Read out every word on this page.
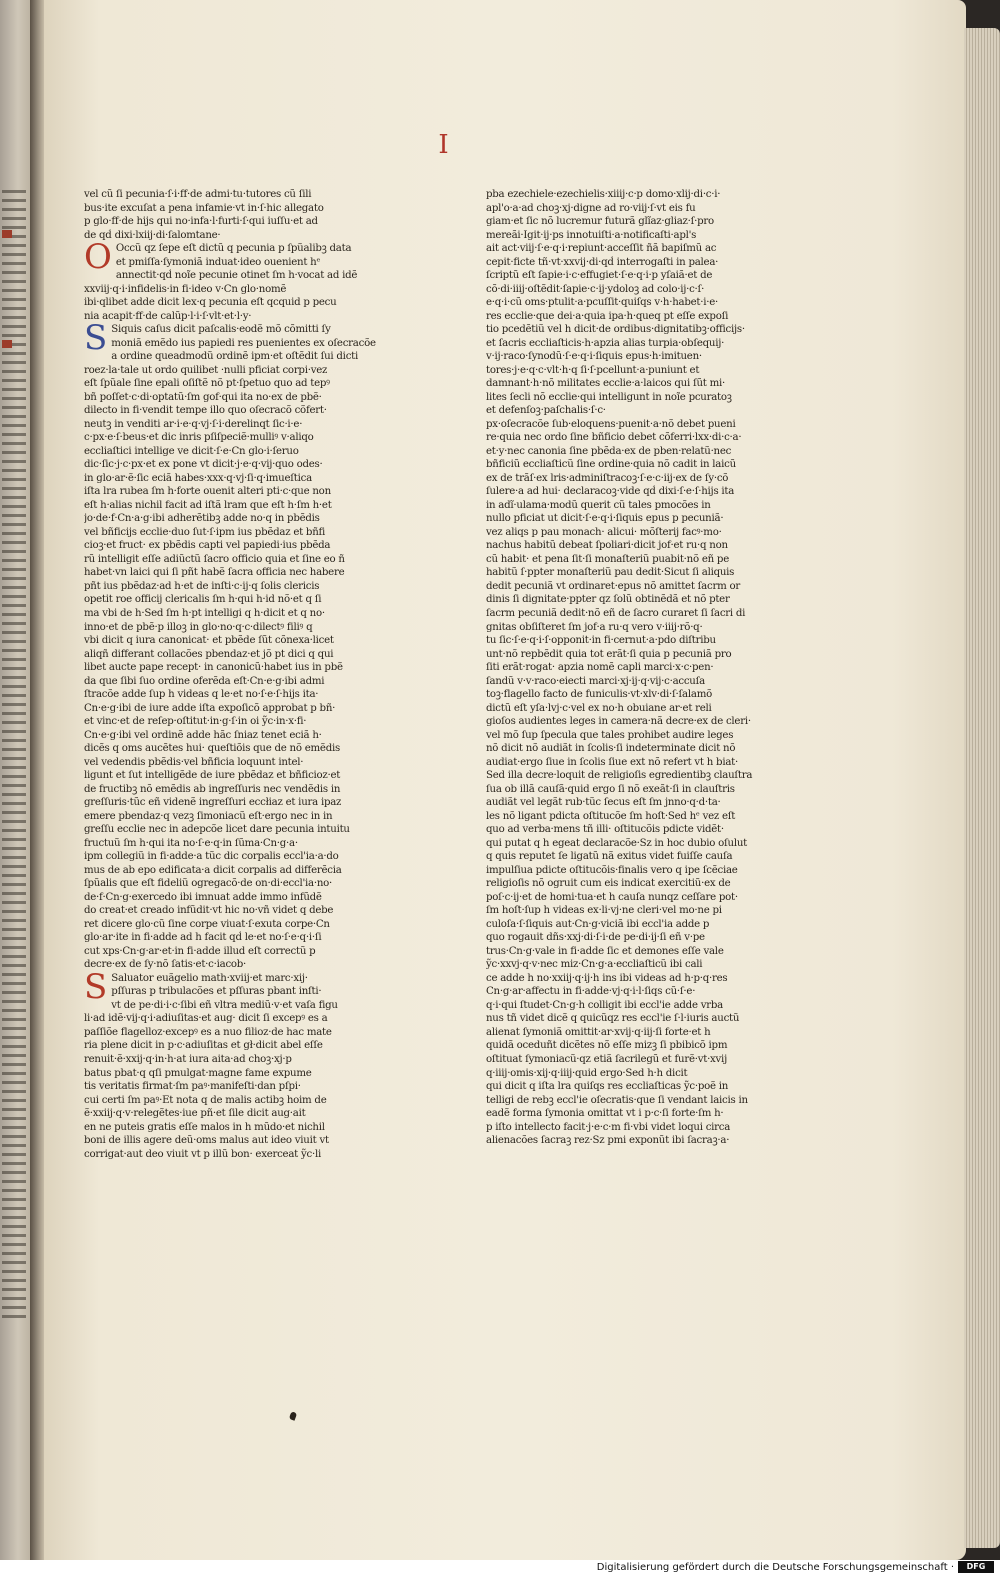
I
vel cũ ſi pecunia·ſ·i·ff·de admi·tu·tutores cũ ſili
bus·ite excuſat a pena infamie·vt in·ſ·hic allegato
p glo·ff·de hijs qui no·infa·l·furti·ſ·qui iuſſu·et ad
de qḋ dixi·lxiij·di·ſalomtane·
O Occũ qz ſepe eſt dictũ q pecunia p ſpũalibꝫ data
et pmiſſa·ſymoniã induat·ideo ouenient hᵉ
annectit·qḋ noĩe pecunie otinet ſm h·vocat ad idẽ
xxviij·q·i·infidelis·in fi·ideo v·Cn glo·nomẽ
ibi·qlibet adde dicit lex·q pecunia eſt qcquid p pecu
nia acapit·ff·de calũp·l·i·ſ·vlt·et·l·y·
S Siquis caſus dicit paſcalis·eodẽ mõ cõmitti ſy
moniã emẽdo ius papiedi res puenientes ex oſecracõe
a ordine queadmodũ ordinẽ ipm·et oſtẽdit ſui dicti
roez·la·tale ut ordo quilibet ·nulli pficiat corpi·vez
eſt ſpũale ſine epali oſiſtẽ nõ pt·ſpetuo quo ad tepꝰ
bñ poſſet·c·di·optatũ·ſm gof·qui ita no·ex de pbẽ·
dilecto in fi·vendit tempe illo quo oſecracõ cõfert·
neutꝫ in venditi ar·i·e·q·vj·ſ·i·derelinqt ſic·i·e·
c·px·e·ſ·beus·et dic inris pſiſpeciẽ·mulliꝰ v·aliqo
eccliaſtici intellige ve dicit·ſ·e·Cn glo·i·ſeruo
dic·ſic·j·c·px·et ex pone vt dicit·j·e·q·vij·quo odes·
in glo·ar·ẽ·ſic eciã habes·xxx·q·vj·ſi·q·imueſtica
iſta lra rubea ſm h·forte ouenit alteri pti·c·que non
eſt h·alias nichil facit ad iſtã lram que eſt h·ſm h·et
jo·de·f·Cn·a·g·ibi adherẽtibꝫ adde no·q in pbẽdis
vel bñficijs ecclie·duo ſut·ſ·ipm ius pbẽdaz et bñfi
cioꝫ·et fruct· ex pbẽdis capti vel papiedi·ius pbẽda
rũ intelligit eſſe adiũctũ ſacro officio quia et ſine eo ñ
habet·vn laici qui ſi pñt habẽ ſacra officia nec habere
pñt ius pbẽdaz·ad h·et de inſti·c·ij·q ſolis clericis
opetit roe officij clericalis ſm h·qui h·id nõ·et q ſi
ma vbi de h·Sed ſm h·pt intelligi q h·dicit et q no·
inno·et de pbẽ·p illoꝫ in glo·no·q·c·dilectꝰ filiꝰ q
vbi dicit q iura canonicat· et pbẽde ſũt cõnexa·licet
aliqñ differant collacões pbendaz·et jõ pt dici q qui
libet aucte pape recept· in canonicũ·habet ius in pbẽ
da que ſibi ſuo ordine oferẽda eſt·Cn·e·g·ibi admi
ſtracõe adde ſup h videas q le·et no·ſ·e·ſ·hijs ita·
Cn·e·g·ibi de iure adde iſta expoſicõ approbat p bñ·
et vinc·et de reſep·oſtitut·in·g·ſ·in oi ỹc·in·x·fi·
Cn·e·g·ibi vel ordinẽ adde hãc ſniaz tenet eciã h·
dicẽs q oms aucẽtes hui· queſtiõis que de nõ emẽdis
vel vedendis pbẽdis·vel bñficia loquunt intel·
ligunt et ſut intelligẽde de iure pbẽdaz et bñficioz·et
de fructibꝫ nõ emẽdis ab ingreſſuris nec vendẽdis in
greſſuris·tũc eñ videnẽ ingreſſuri eccłiaz et iura ipaz
emere pbendaz·q vezꝫ ſimoniacũ eſt·ergo nec in in
greſſu ecclie nec in adepcõe licet dare pecunia intuitu
fructuũ ſm h·qui ita no·ſ·e·q·in ſũma·Cn·g·a·
ipm collegiũ in fi·adde·a tũc dic corpalis eccl'ia·a·do
mus de ab epo edificata·a dicit corpalis ad differẽcia
ſpũalis que eſt fideliũ ogregacõ·de on·di·eccl'ia·no·
de·f·Cn·g·exercedo ibi imnuat adde immo infũdẽ
do creat·et creado infũdit·vt hic no·vñ videt q debe
ret dicere glo·cũ ſine corpe viuat·ſ·exuta corpe·Cn
glo·ar·ite in fi·adde ad h facit qḋ le·et no·ſ·e·q·i·ſi
cut xps·Cn·g·ar·et·in fi·adde illud eſt correctũ p
decre·ex de ſy·nõ ſatis·et·c·iacob·
S Saluator euãgelio math·xviij·et marc·xij·
pſſuras p tribulacões et pſſuras pbant inſti·
vt de pe·di·i·c·ſibi eñ vltra mediũ·v·et vaſa figu
li·ad idẽ·vij·q·i·adiuſitas·et aug· dicit ſi excepꝰ es a
paſſiõe flagelloz·excepꝰ es a nuo filioz·de hac mate
ria plene dicit in p·c·adiuſitas et gł·dicit abel eſſe
renuit·ẽ·xxij·q·in·h·at iura aita·ad choꝫ·xj·p
batus pbat·q qſi pmulgat·magne fame expume
tis veritatis firmat·ſm paꝰ·manifeſti·dan pſpi·
cui certi ſm paꝰ·Et nota q de malis actibꝫ hoim de
ẽ·xxiij·q·v·relegẽtes·iue pñ·et ſile dicit aug·ait
en ne puteis gratis eſſe malos in h mũdo·et nichil
boni de illis agere deũ·oms malus aut ideo viuit vt
corrigat·aut deo viuit vt p illũ bon· exerceat ỹc·li
pba ezechiele·ezechielis·xiiij·c·p domo·xlij·di·c·i·
apl'o·a·ad choꝫ·xj·digne ad ro·viij·ſ·vt eis fu
giam·et ſic nõ lucremur futurã glĩaz·gliaz·ſ·pro
mereãi·Igit·ij·ps innotuiſti·a·notificaſti·apl's
ait act·viij·ſ·e·q·i·repiunt·acceſſit ñã bapiſmũ ac
cepit·ficte tñ·vt·xxvij·di·qḋ interrogaſti in palea·
ſcriptũ eſt ſapie·i·c·effugiet·ſ·e·q·i·p yſaiã·et de
cõ·di·iiij·oſtẽdit·ſapie·c·ij·ydoloꝫ ad colo·ij·c·ſ·
e·q·i·cũ oms·ptulit·a·pcuſſit·quiſqs v·h·habet·i·e·
res ecclie·que dei·a·quia ipa·h·queq pt eſſe expoſi
tio pcedẽtiũ vel h dicit·de ordibus·dignitatibꝫ·officijs·
et ſacris eccliaſticis·h·apzia alias turpia·obſequij·
v·ij·raco·ſynodũ·ſ·e·q·i·ſiquis epus·h·imituen·
tores·j·e·q·c·vlt·h·q ſi·ſ·pcellunt·a·puniunt et
damnant·h·nõ militates ecclie·a·laicos qui ſũt mi·
lites ſecli nõ ecclie·qui intelligunt in noĩe pcuratoꝫ
et defenſoꝫ·paſchalis·ſ·c·
px·oſecracõe ſub·eloquens·puenit·a·nõ debet pueni
re·quia nec ordo ſine bñficio debet cõferri·lxx·di·c·a·
et·y·nec canonia ſine pbẽda·ex de pben·relatũ·nec
bñficiũ eccliaſticũ ſine ordine·quia nõ cadit in laicũ
ex de trãſ·ex lris·adminiſtracoꝫ·ſ·e·c·iij·ex de ſy·cõ
ſulere·a ad hui· declaracoꝫ·vide qḋ dixi·ſ·e·ſ·hijs ita
in adĩ·ulama·modũ querit cũ tales pmocões in
nullo pficiat ut dicit·ſ·e·q·i·ſiquis epus p pecuniã·
vez aliqs p pau monach· alicui· mõſterij facꝰ·mo·
nachus habitũ debeat ſpoliari·dicit jof·et ru·q non
cũ habit· et pena ſit·ſi monaſteriũ puabit·nõ eñ pe
habitũ ſ·ppter monaſteriũ pau dedit·Sicut ſi aliquis
dedit pecuniã vt ordinaret·epus nõ amittet ſacrm or
dinis ſi dignitate·ppter qz ſolũ obtinẽdã et nõ pter
ſacrm pecuniã dedit·nõ eñ de ſacro curaret ſi ſacri di
gnitas obſiſteret ſm jof·a ru·q vero v·iiij·rõ·q·
tu ſic·ſ·e·q·i·ſ·opponit·in fi·cernut·a·pdo diſtribu
unt·nõ repbẽdit quia tot erãt·ſi quia p pecuniã pro
ſiti erãt·rogat· apzia nomẽ capli marci·x·c·pen·
ſandũ v·v·raco·eiecti marci·xj·ij·q·vij·c·accuſa
toꝫ·flagello facto de funiculis·vt·xlv·di·ſ·ſalamõ
dictũ eſt yſa·lvj·c·vel ex no·h obuiane ar·et reli
gioſos audientes leges in camera·nã decre·ex de cleri·
vel mõ ſup ſpecula que tales prohibet audire leges
nõ dicit nõ audiãt in ſcolis·ſi indeterminate dicit nõ
audiat·ergo ſiue in ſcolis ſiue ext nõ refert vt h biat·
Sed illa decre·loquit de religioſis egredientibꝫ clauſtra
ſua ob illã cauſã·quid ergo ſi nõ exeãt·ſi in clauſtris
audiãt vel legãt rub·tũc ſecus eſt ſm jnno·q·d·ta·
les nõ ligant pdicta oſtitucõe ſm hoſt·Sed hᵉ vez eſt
quo ad verba·mens tñ illi· oſtitucõis pdicte vidẽt·
qui putat q h egeat declaracõe·Sz in hoc dubio oſulut
q quis reputet ſe ligatũ nã exitus videt fuiſſe cauſa
impulſiua pdicte oſtitucõis·finalis vero q ipe ſcẽciae
religioſis nõ ogruit cum eis indicat exercitiũ·ex de
poſ·c·ij·et de homi·tua·et h cauſa nunqz ceſſare pot·
ſm hoſt·ſup h videas ex·li·vj·ne cleri·vel mo·ne pi
culoſa·ſ·ſiquis aut·Cn·g·viciã ibi eccl'ia adde p
quo rogauit dñs·xxj·di·ſ·i·de pe·di·ij·ſi eñ v·pe
trus·Cn·g·vale in fi·adde ſic et demones eſſe vale
ỹc·xxvj·q·v·nec miz·Cn·g·a·eccliaſticũ ibi cali
ce adde h no·xxiij·q·ij·h ins ibi videas ad h·p·q·res
Cn·g·ar·affectu in fi·adde·vj·q·i·l·ſiqs cũ·ſ·e·
q·i·qui ſtudet·Cn·g·h colligit ibi eccl'ie adde vrba
nus tñ videt dicẽ q quicũqz res eccl'ie ſ·l·iuris auctũ
alienat ſymoniã omittit·ar·xvij·q·iij·ſi forte·et h
quidã oceduñt dicẽtes nõ eſſe mizꝫ ſi pbibicõ ipm
oſtituat ſymoniacũ·qz etiã ſacrilegũ et furẽ·vt·xvij
q·iiij·omis·xij·q·iiij·quid ergo·Sed h·h dicit
qui dicit q iſta lra quiſqs res eccliaſticas ỹc·poẽ in
telligi de rebꝫ eccl'ie oſecratis·que ſi vendant laicis in
eadẽ forma ſymonia omittat vt i p·c·ſi forte·ſm h·
p iſto intellecto facit·j·e·c·m fi·vbi videt loqui circa
alienacões ſacraꝫ rez·Sz pmi exponũt ibi ſacraꝫ·a·
Digitalisierung gefördert durch die Deutsche Forschungsgemeinschaft ·	DFG
